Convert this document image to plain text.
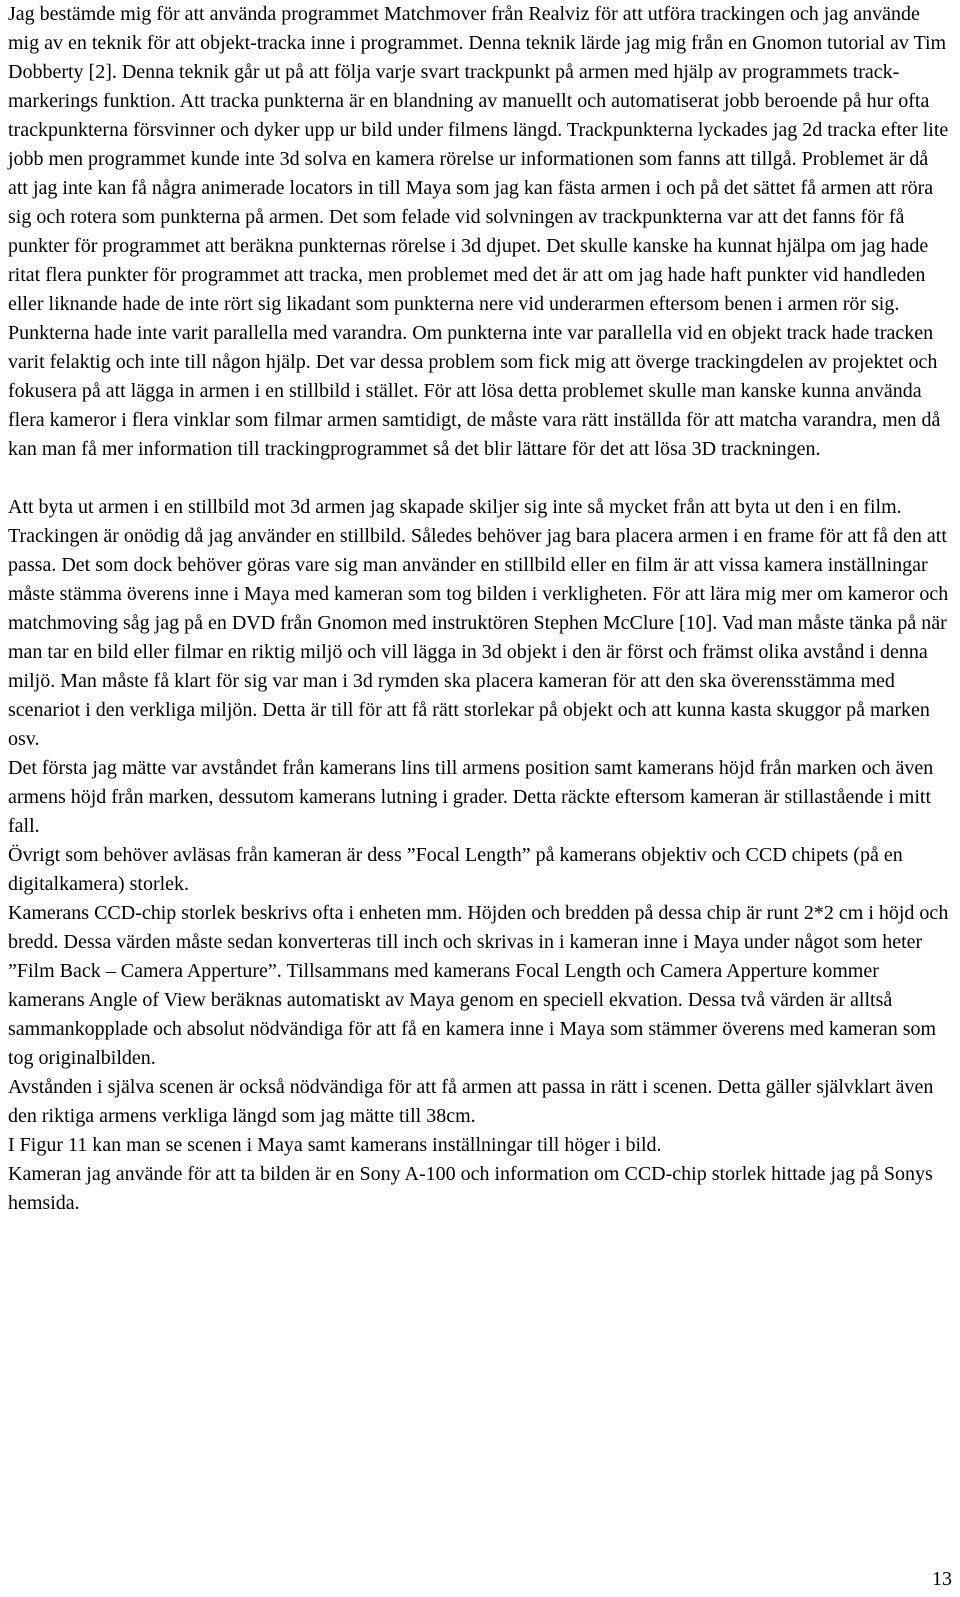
Jag bestämde mig för att använda programmet Matchmover från Realviz för att utföra trackingen och jag använde mig av en teknik för att objekt-tracka inne i programmet. Denna teknik lärde jag mig från en Gnomon tutorial av Tim Dobberty [2]. Denna teknik går ut på att följa varje svart trackpunkt på armen med hjälp av programmets track-markerings funktion. Att tracka punkterna är en blandning av manuellt och automatiserat jobb beroende på hur ofta trackpunkterna försvinner och dyker upp ur bild under filmens längd. Trackpunkterna lyckades jag 2d tracka efter lite jobb men programmet kunde inte 3d solva en kamera rörelse ur informationen som fanns att tillgå. Problemet är då att jag inte kan få några animerade locators in till Maya som jag kan fästa armen i och på det sättet få armen att röra sig och rotera som punkterna på armen. Det som felade vid solvningen av trackpunkterna var att det fanns för få punkter för programmet att beräkna punkternas rörelse i 3d djupet. Det skulle kanske ha kunnat hjälpa om jag hade ritat flera punkter för programmet att tracka, men problemet med det är att om jag hade haft punkter vid handleden eller liknande hade de inte rört sig likadant som punkterna nere vid underarmen eftersom benen i armen rör sig. Punkterna hade inte varit parallella med varandra. Om punkterna inte var parallella vid en objekt track hade tracken varit felaktig och inte till någon hjälp. Det var dessa problem som fick mig att överge trackingdelen av projektet och fokusera på att lägga in armen i en stillbild i stället. För att lösa detta problemet skulle man kanske kunna använda flera kameror i flera vinklar som filmar armen samtidigt, de måste vara rätt inställda för att matcha varandra, men då kan man få mer information till trackingprogrammet så det blir lättare för det att lösa 3D trackningen.

Att byta ut armen i en stillbild mot 3d armen jag skapade skiljer sig inte så mycket från att byta ut den i en film. Trackingen är onödig då jag använder en stillbild. Således behöver jag bara placera armen i en frame för att få den att passa. Det som dock behöver göras vare sig man använder en stillbild eller en film är att vissa kamera inställningar måste stämma överens inne i Maya med kameran som tog bilden i verkligheten. För att lära mig mer om kameror och matchmoving såg jag på en DVD från Gnomon med instruktören Stephen McClure [10]. Vad man måste tänka på när man tar en bild eller filmar en riktig miljö och vill lägga in 3d objekt i den är först och främst olika avstånd i denna miljö. Man måste få klart för sig var man i 3d rymden ska placera kameran för att den ska överensstämma med scenariot i den verkliga miljön. Detta är till för att få rätt storlekar på objekt och att kunna kasta skuggor på marken osv.

Det första jag mätte var avståndet från kamerans lins till armens position samt kamerans höjd från marken och även armens höjd från marken, dessutom kamerans lutning i grader. Detta räckte eftersom kameran är stillastående i mitt fall.

Övrigt som behöver avläsas från kameran är dess ”Focal Length” på kamerans objektiv och CCD chipets (på en digitalkamera) storlek.

Kamerans CCD-chip storlek beskrivs ofta i enheten mm. Höjden och bredden på dessa chip är runt 2*2 cm i höjd och bredd. Dessa värden måste sedan konverteras till inch och skrivas in i kameran inne i Maya under något som heter ”Film Back – Camera Apperture”. Tillsammans med kamerans Focal Length och Camera Apperture kommer kamerans Angle of View beräknas automatiskt av Maya genom en speciell ekvation. Dessa två värden är alltså sammankopplade och absolut nödvändiga för att få en kamera inne i Maya som stämmer överens med kameran som tog originalbilden.

Avstånden i själva scenen är också nödvändiga för att få armen att passa in rätt i scenen. Detta gäller självklart även den riktiga armens verkliga längd som jag mätte till 38cm.

I Figur 11 kan man se scenen i Maya samt kamerans inställningar till höger i bild.

Kameran jag använde för att ta bilden är en Sony A-100 och information om CCD-chip storlek hittade jag på Sonys hemsida.

13
